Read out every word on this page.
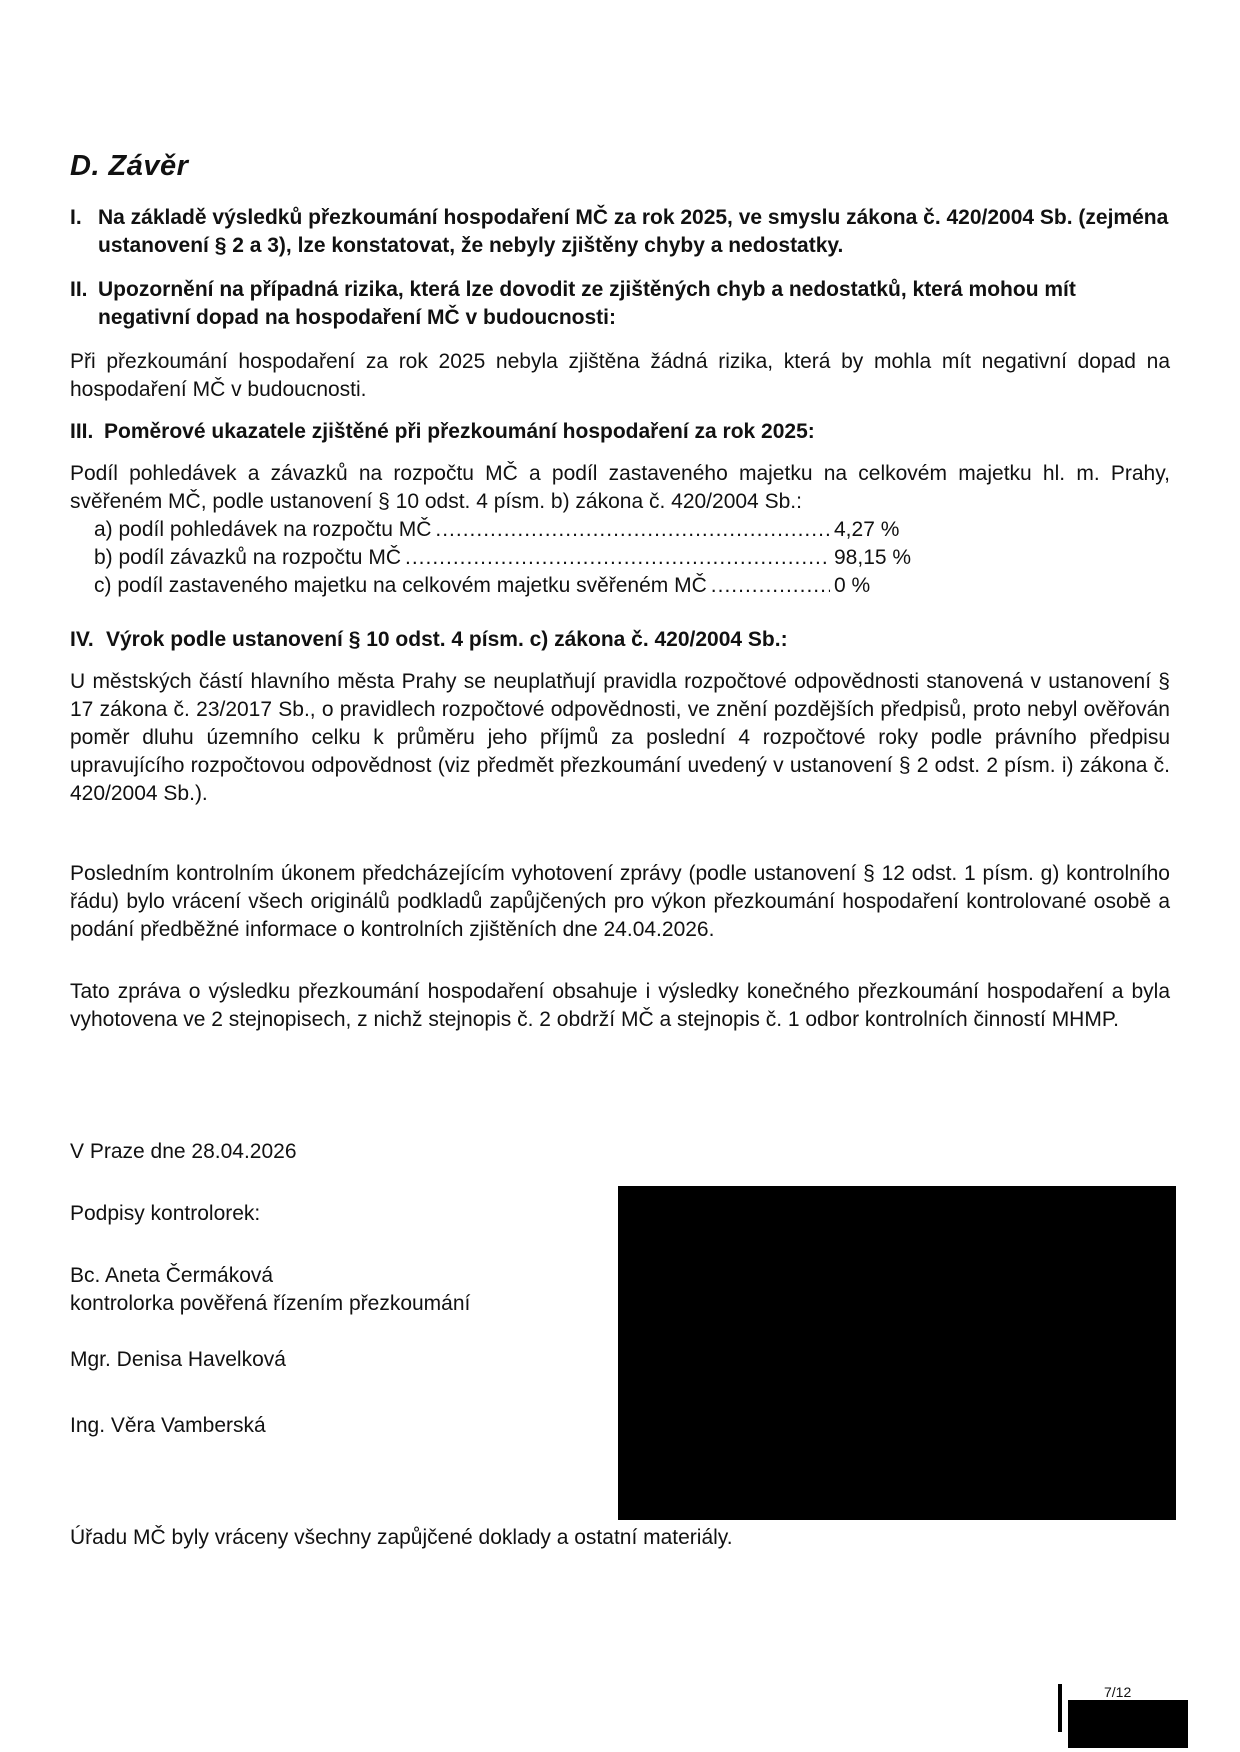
D. Závěr
I. Na základě výsledků přezkoumání hospodaření MČ za rok 2025, ve smyslu zákona č. 420/2004 Sb. (zejména ustanovení § 2 a 3), lze konstatovat, že nebyly zjištěny chyby a nedostatky.
II. Upozornění na případná rizika, která lze dovodit ze zjištěných chyb a nedostatků, která mohou mít negativní dopad na hospodaření MČ v budoucnosti:
Při přezkoumání hospodaření za rok 2025 nebyla zjištěna žádná rizika, která by mohla mít negativní dopad na hospodaření MČ v budoucnosti.
III. Poměrové ukazatele zjištěné při přezkoumání hospodaření za rok 2025:
Podíl pohledávek a závazků na rozpočtu MČ a podíl zastaveného majetku na celkovém majetku hl. m. Prahy, svěřeném MČ, podle ustanovení § 10 odst. 4 písm. b) zákona č. 420/2004 Sb.:
a) podíl pohledávek na rozpočtu MČ .....	4,27 %
b) podíl závazků na rozpočtu MČ .....	98,15 %
c) podíl zastaveného majetku na celkovém majetku svěřeném MČ .....	0 %
IV. Výrok podle ustanovení § 10 odst. 4 písm. c) zákona č. 420/2004 Sb.:
U městských částí hlavního města Prahy se neuplatňují pravidla rozpočtové odpovědnosti stanovená v ustanovení § 17 zákona č. 23/2017 Sb., o pravidlech rozpočtové odpovědnosti, ve znění pozdějších předpisů, proto nebyl ověřován poměr dluhu územního celku k průměru jeho příjmů za poslední 4 rozpočtové roky podle právního předpisu upravujícího rozpočtovou odpovědnost (viz předmět přezkoumání uvedený v ustanovení § 2 odst. 2 písm. i) zákona č. 420/2004 Sb.).
Posledním kontrolním úkonem předcházejícím vyhotovení zprávy (podle ustanovení § 12 odst. 1 písm. g) kontrolního řádu) bylo vrácení všech originálů podkladů zapůjčených pro výkon přezkoumání hospodaření kontrolované osobě a podání předběžné informace o kontrolních zjištěních dne 24.04.2026.
Tato zpráva o výsledku přezkoumání hospodaření obsahuje i výsledky konečného přezkoumání hospodaření a byla vyhotovena ve 2 stejnopisech, z nichž stejnopis č. 2 obdrží MČ a stejnopis č. 1 odbor kontrolních činností MHMP.
V Praze dne 28.04.2026
Podpisy kontrolorek:
Bc. Aneta Čermáková
kontrolorka pověřená řízením přezkoumání
Mgr. Denisa Havelková
Ing. Věra Vamberská
Úřadu MČ byly vráceny všechny zapůjčené doklady a ostatní materiály.
7/12
